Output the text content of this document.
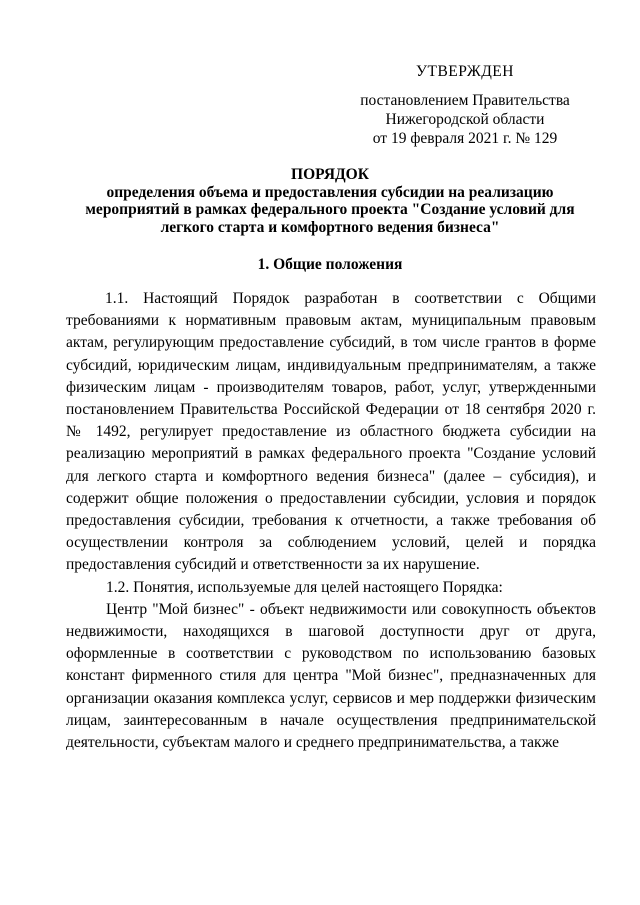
УТВЕРЖДЕН
постановлением Правительства
Нижегородской области
от 19 февраля 2021 г. № 129
ПОРЯДОК
определения объема и предоставления субсидии на реализацию
мероприятий в рамках федерального проекта "Создание условий для
легкого старта и комфортного ведения бизнеса"
1. Общие положения

1.1. Настоящий Порядок разработан в соответствии с Общими требованиями к нормативным правовым актам, муниципальным правовым актам, регулирующим предоставление субсидий, в том числе грантов в форме субсидий, юридическим лицам, индивидуальным предпринимателям, а также физическим лицам - производителям товаров, работ, услуг, утвержденными постановлением Правительства Российской Федерации от 18 сентября 2020 г. № 1492, регулирует предоставление из областного бюджета субсидии на реализацию мероприятий в рамках федерального проекта "Создание условий для легкого старта и комфортного ведения бизнеса" (далее – субсидия), и содержит общие положения о предоставлении субсидии, условия и порядок предоставления субсидии, требования к отчетности, а также требования об осуществлении контроля за соблюдением условий, целей и порядка предоставления субсидий и ответственности за их нарушение.

1.2. Понятия, используемые для целей настоящего Порядка:

Центр "Мой бизнес" - объект недвижимости или совокупность объектов недвижимости, находящихся в шаговой доступности друг от друга, оформленные в соответствии с руководством по использованию базовых констант фирменного стиля для центра "Мой бизнес", предназначенных для организации оказания комплекса услуг, сервисов и мер поддержки физическим лицам, заинтересованным в начале осуществления предпринимательской деятельности, субъектам малого и среднего предпринимательства, а также
